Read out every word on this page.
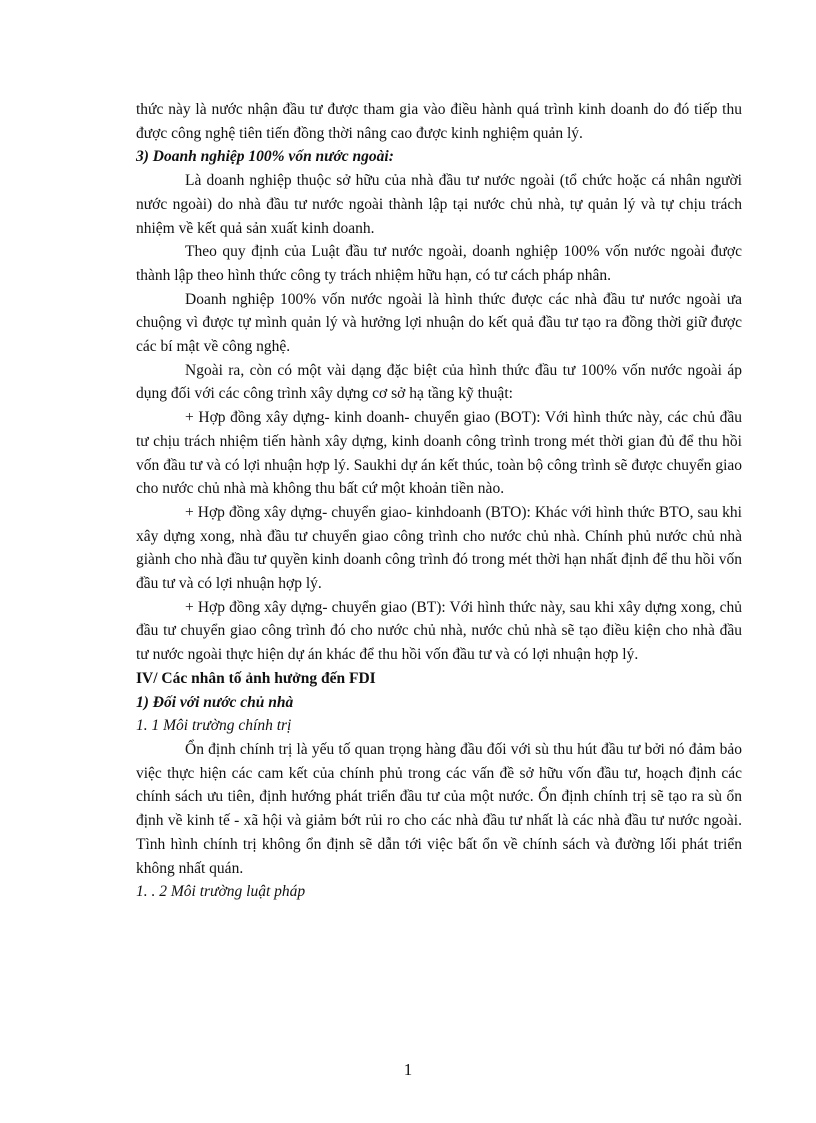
thức này là nước nhận đầu tư được tham gia vào điều hành quá trình kinh doanh do đó tiếp thu được công nghệ tiên tiến đồng thời nâng cao được kinh nghiệm quản lý.

3) Doanh nghiệp 100% vốn nước ngoài:

Là doanh nghiệp thuộc sở hữu của nhà đầu tư nước ngoài (tổ chức hoặc cá nhân người nước ngoài) do nhà đầu tư nước ngoài thành lập tại nước chủ nhà, tự quản lý và tự chịu trách nhiệm về kết quả sản xuất kinh doanh.

Theo quy định của Luật đầu tư nước ngoài, doanh nghiệp 100% vốn nước ngoài được thành lập theo hình thức công ty trách nhiệm hữu hạn, có tư cách pháp nhân.

Doanh nghiệp 100% vốn nước ngoài là hình thức được các nhà đầu tư nước ngoài ưa chuộng vì được tự mình quản lý và hưởng lợi nhuận do kết quả đầu tư tạo ra đồng thời giữ được các bí mật về công nghệ.

Ngoài ra, còn có một vài dạng đặc biệt của hình thức đầu tư 100% vốn nước ngoài áp dụng đối với các công trình xây dựng cơ sở hạ tầng kỹ thuật:

+ Hợp đồng xây dựng- kinh doanh- chuyển giao (BOT): Với hình thức này, các chủ đầu tư chịu trách nhiệm tiến hành xây dựng, kinh doanh công trình trong mét thời gian đủ để thu hồi vốn đầu tư và có lợi nhuận hợp lý. Saukhi dự án kết thúc, toàn bộ công trình sẽ được chuyển giao cho nước chủ nhà mà không thu bất cứ một khoản tiền nào.

+ Hợp đồng xây dựng- chuyển giao- kinhdoanh (BTO): Khác với hình thức BTO, sau khi xây dựng xong, nhà đầu tư chuyển giao công trình cho nước chủ nhà. Chính phủ nước chủ nhà giành cho nhà đầu tư quyền kinh doanh công trình đó trong mét thời hạn nhất định để thu hồi vốn đầu tư và có lợi nhuận hợp lý.

+ Hợp đồng xây dựng- chuyển giao (BT): Với hình thức này, sau khi xây dựng xong, chủ đầu tư chuyển giao công trình đó cho nước chủ nhà, nước chủ nhà sẽ tạo điều kiện cho nhà đầu tư nước ngoài thực hiện dự án khác để thu hồi vốn đầu tư và có lợi nhuận hợp lý.

IV/ Các nhân tố ảnh hưởng đến FDI

1) Đối với nước chủ nhà

1. 1 Môi trường chính trị

Ổn định chính trị là yếu tố quan trọng hàng đầu đối với sù thu hút đầu tư bởi nó đảm bảo việc thực hiện các cam kết của chính phủ trong các vấn đề sở hữu vốn đầu tư, hoạch định các chính sách ưu tiên, định hướng phát triển đầu tư của một nước. Ổn định chính trị sẽ tạo ra sù ổn định về kinh tế - xã hội và giảm bớt rủi ro cho các nhà đầu tư nhất là các nhà đầu tư nước ngoài. Tình hình chính trị không ổn định sẽ dẫn tới việc bất ổn về chính sách và đường lối phát triển không nhất quán.

1. . 2 Môi trường luật pháp

1
